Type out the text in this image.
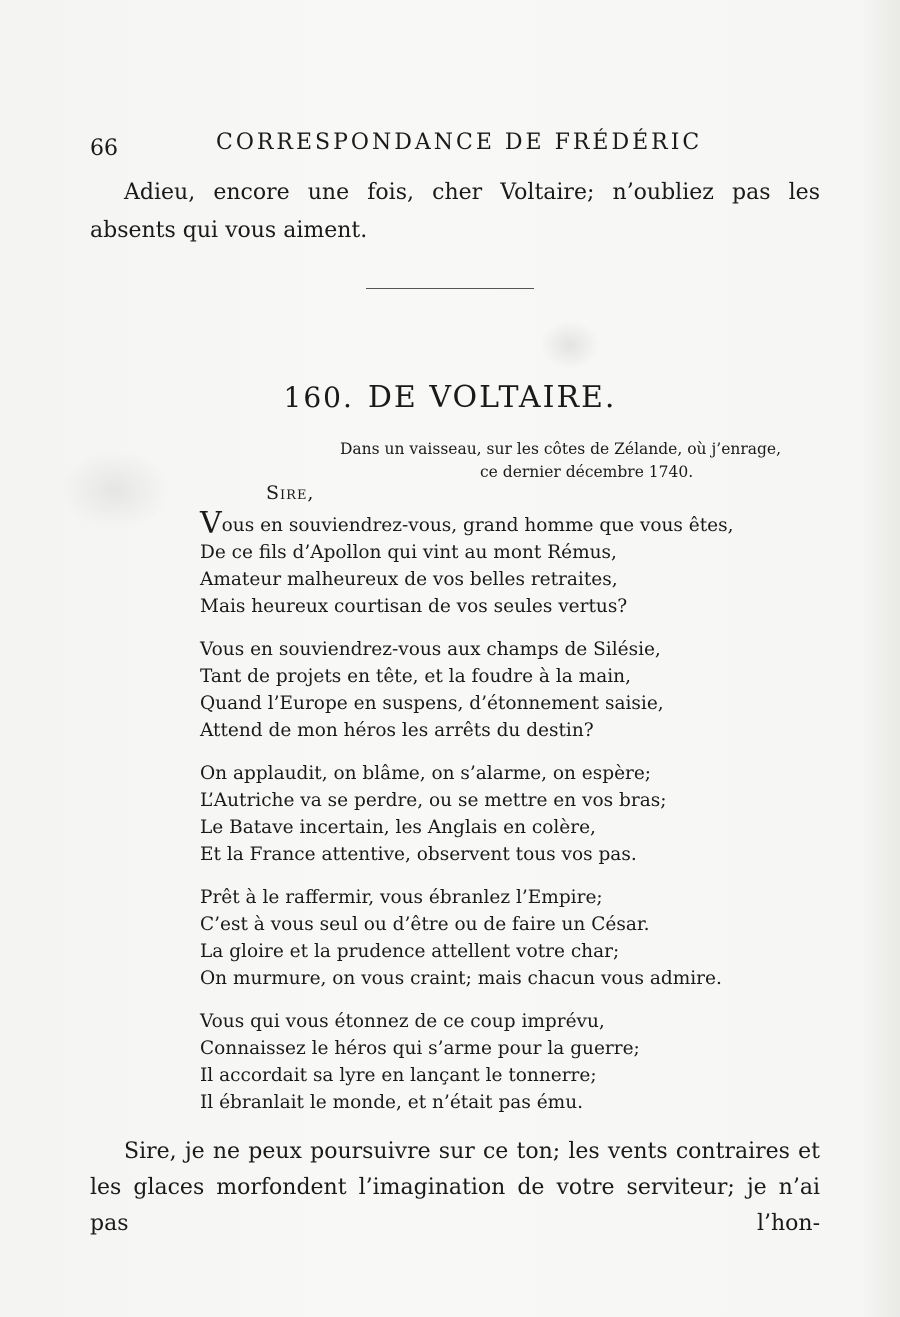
66	CORRESPONDANCE DE FRÉDÉRIC

Adieu, encore une fois, cher Voltaire; n’oubliez pas les absents qui vous aiment.

160. DE VOLTAIRE.
Dans un vaisseau, sur les côtes de Zélande, où j’enrage,
ce dernier décembre 1740.
Sire,
Vous en souviendrez-vous, grand homme que vous êtes,
De ce fils d’Apollon qui vint au mont Rémus,
Amateur malheureux de vos belles retraites,
Mais heureux courtisan de vos seules vertus?
Vous en souviendrez-vous aux champs de Silésie,
Tant de projets en tête, et la foudre à la main,
Quand l’Europe en suspens, d’étonnement saisie,
Attend de mon héros les arrêts du destin?
On applaudit, on blâme, on s’alarme, on espère;
L’Autriche va se perdre, ou se mettre en vos bras;
Le Batave incertain, les Anglais en colère,
Et la France attentive, observent tous vos pas.
Prêt à le raffermir, vous ébranlez l’Empire;
C’est à vous seul ou d’être ou de faire un César.
La gloire et la prudence attellent votre char;
On murmure, on vous craint; mais chacun vous admire.
Vous qui vous étonnez de ce coup imprévu,
Connaissez le héros qui s’arme pour la guerre;
Il accordait sa lyre en lançant le tonnerre;
Il ébranlait le monde, et n’était pas ému.

Sire, je ne peux poursuivre sur ce ton; les vents contraires et les glaces morfondent l’imagination de votre serviteur; je n’ai pas l’hon-
